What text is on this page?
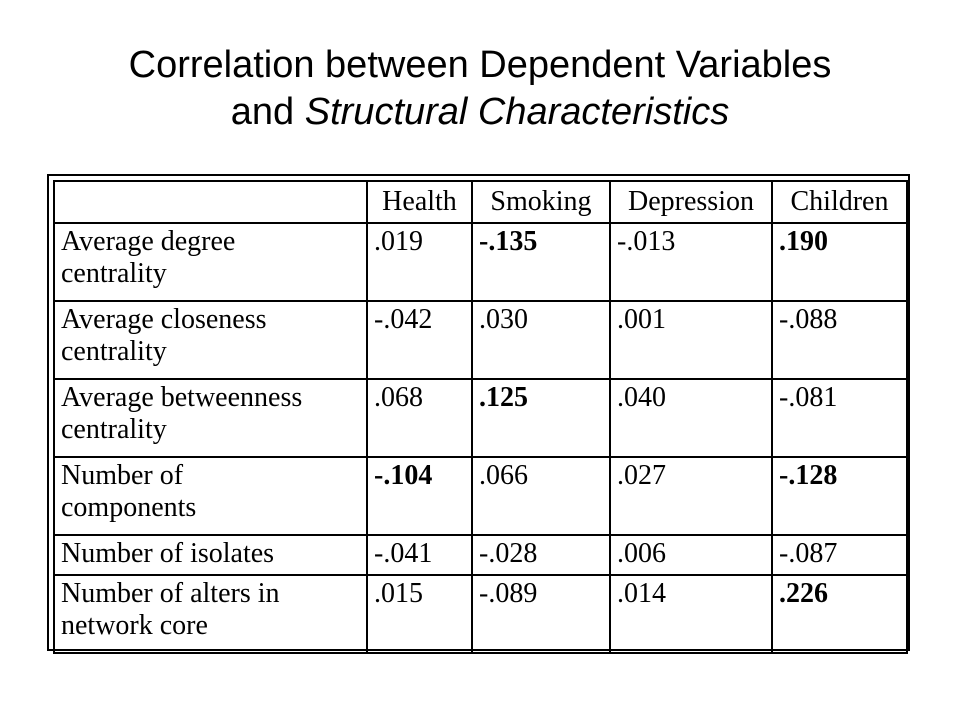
Correlation between Dependent Variables
and Structural Characteristics
	Health	Smoking	Depression	Children
Average degree
centrality	.019	-.135	-.013	.190
Average closeness
centrality	-.042	.030	.001	-.088
Average betweenness
centrality	.068	.125	.040	-.081
Number of
components	-.104	.066	.027	-.128
Number of isolates	-.041	-.028	.006	-.087
Number of alters in
network core	.015	-.089	.014	.226
